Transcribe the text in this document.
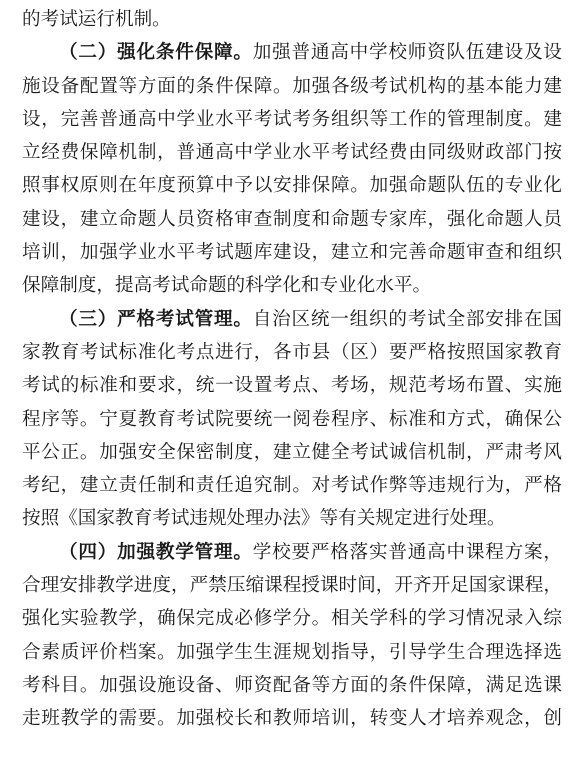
的考试运行机制。
（二）强化条件保障。加强普通高中学校师资队伍建设及设
施设备配置等方面的条件保障。加强各级考试机构的基本能力建
设，完善普通高中学业水平考试考务组织等工作的管理制度。建
立经费保障机制，普通高中学业水平考试经费由同级财政部门按
照事权原则在年度预算中予以安排保障。加强命题队伍的专业化
建设，建立命题人员资格审查制度和命题专家库，强化命题人员
培训，加强学业水平考试题库建设，建立和完善命题审查和组织
保障制度，提高考试命题的科学化和专业化水平。
（三）严格考试管理。自治区统一组织的考试全部安排在国
家教育考试标准化考点进行，各市县（区）要严格按照国家教育
考试的标准和要求，统一设置考点、考场，规范考场布置、实施
程序等。宁夏教育考试院要统一阅卷程序、标准和方式，确保公
平公正。加强安全保密制度，建立健全考试诚信机制，严肃考风
考纪，建立责任制和责任追究制。对考试作弊等违规行为，严格
按照《国家教育考试违规处理办法》等有关规定进行处理。
（四）加强教学管理。学校要严格落实普通高中课程方案，
合理安排教学进度，严禁压缩课程授课时间，开齐开足国家课程，
强化实验教学，确保完成必修学分。相关学科的学习情况录入综
合素质评价档案。加强学生生涯规划指导，引导学生合理选择选
考科目。加强设施设备、师资配备等方面的条件保障，满足选课
走班教学的需要。加强校长和教师培训，转变人才培养观念，创
